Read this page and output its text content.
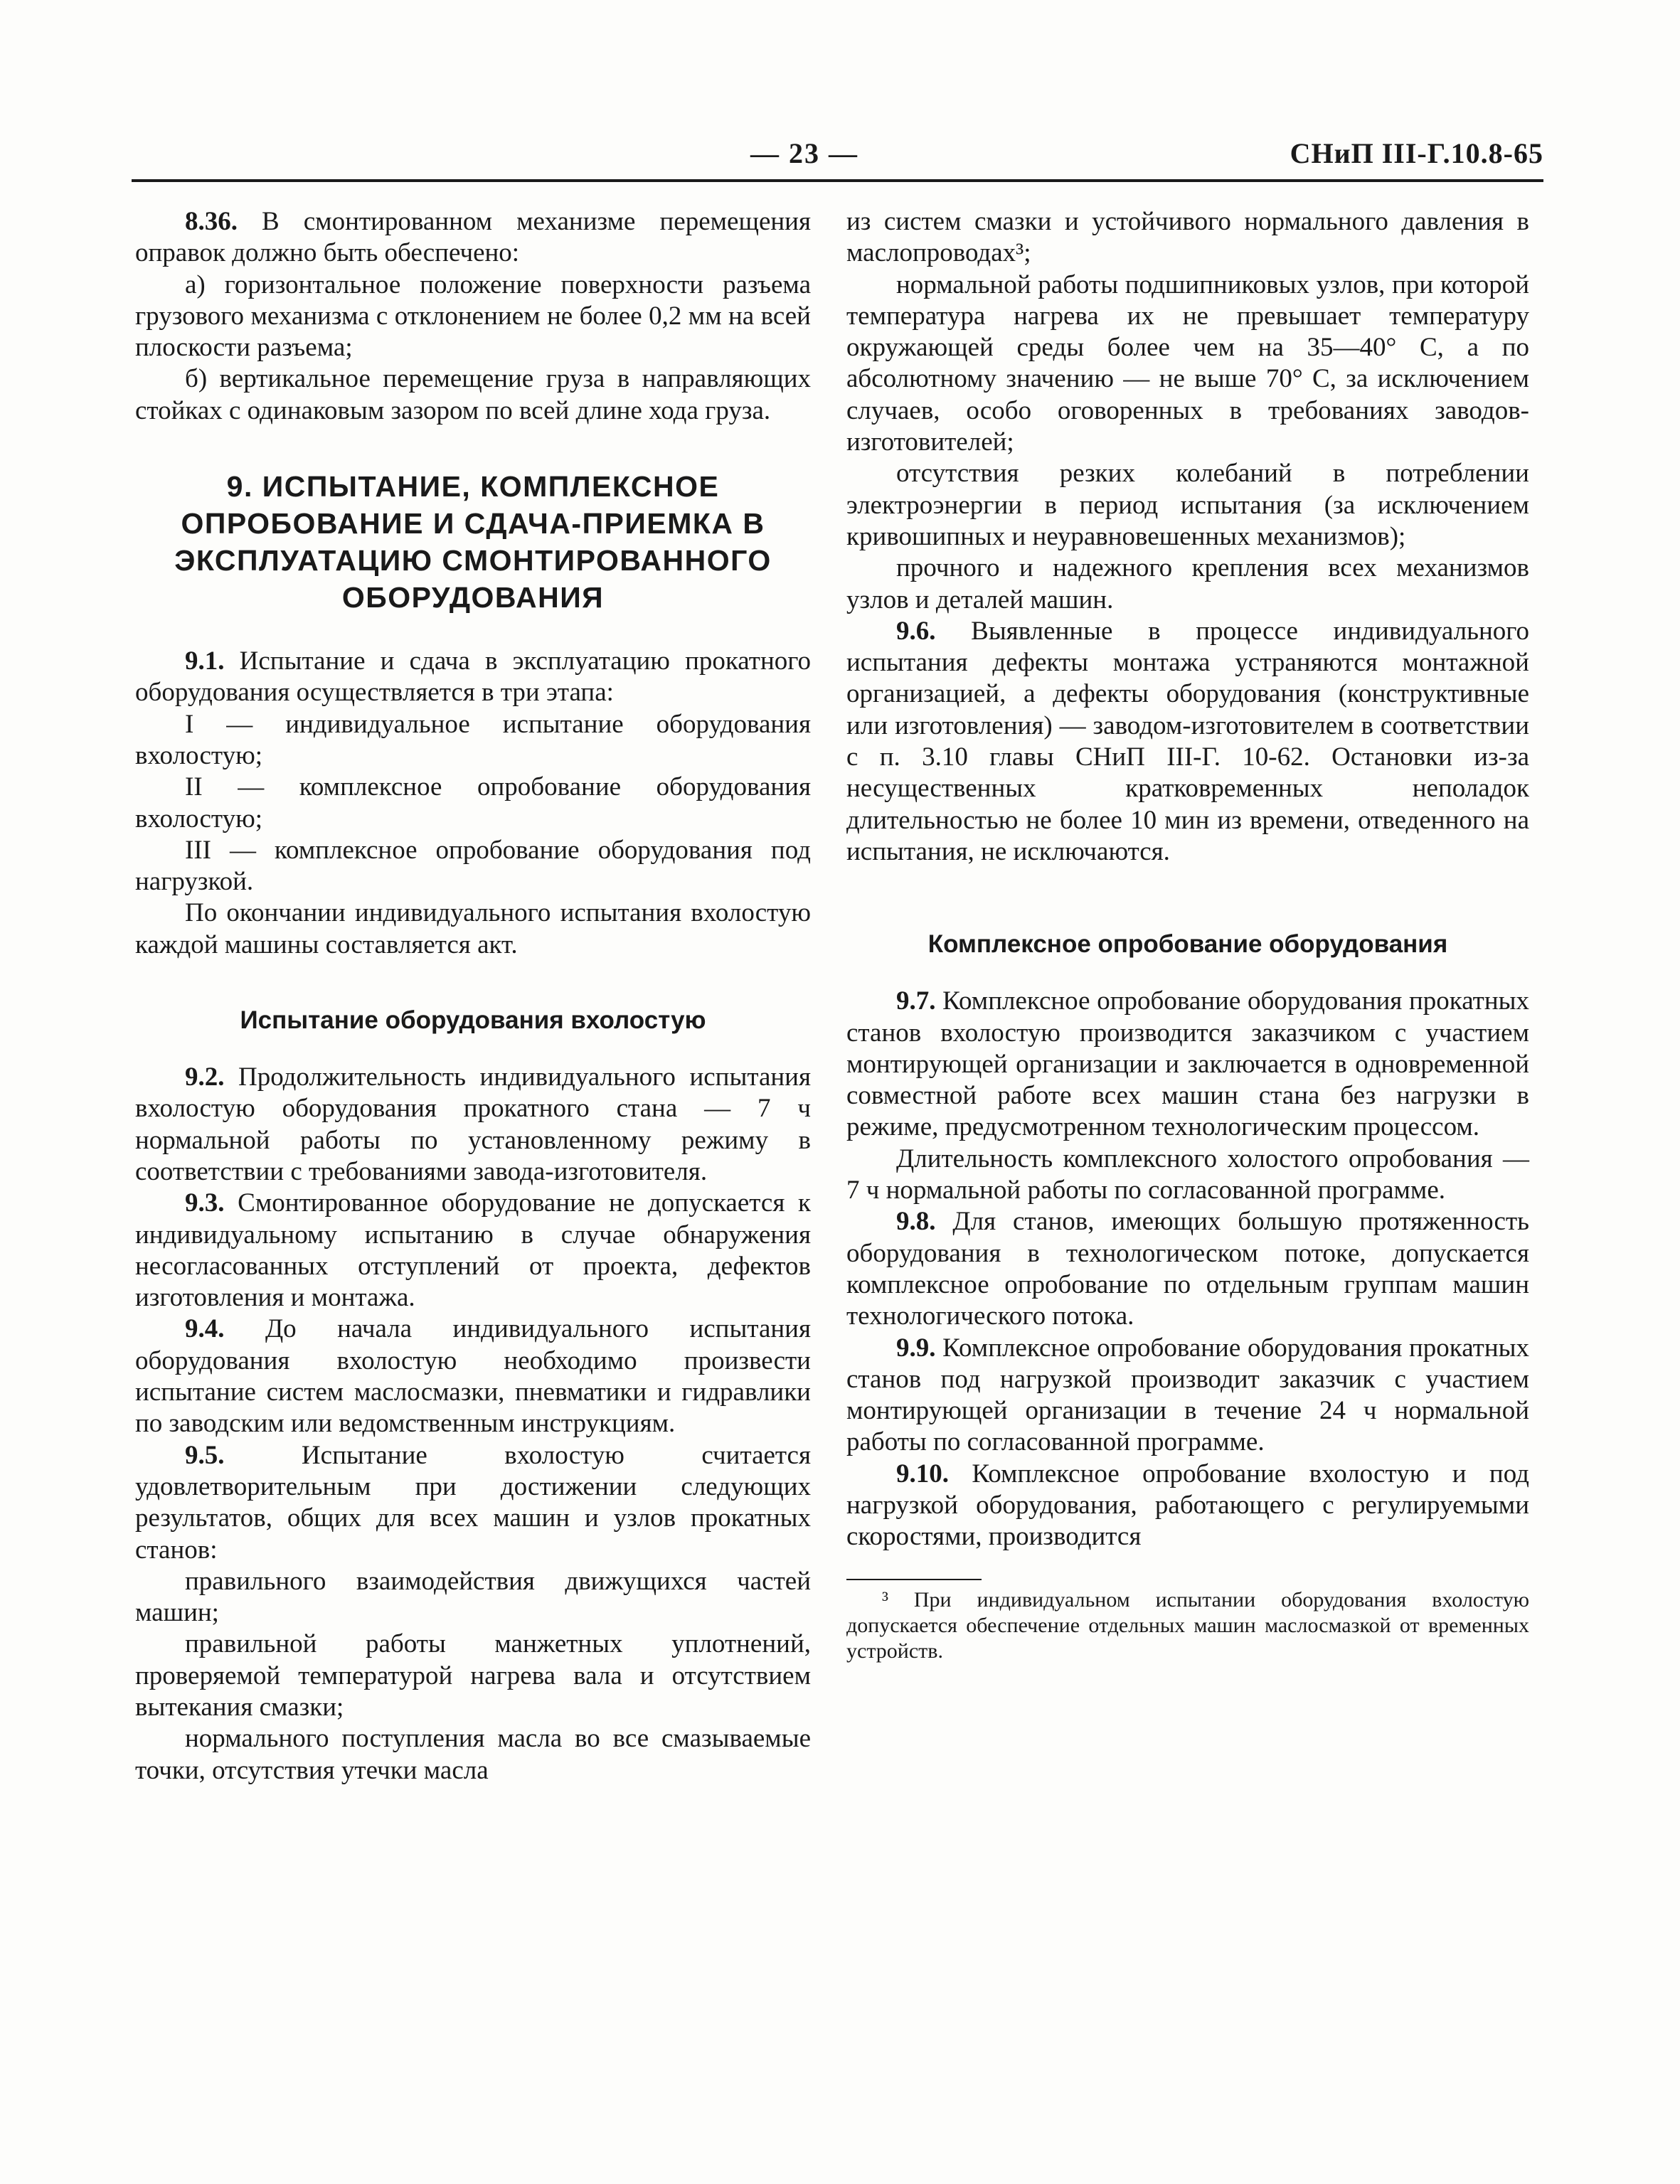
— 23 —	СНиП III-Г.10.8-65

8.36. В смонтированном механизме перемещения оправок должно быть обеспечено:

а) горизонтальное положение поверхности разъема грузового механизма с отклонением не более 0,2 мм на всей плоскости разъема;

б) вертикальное перемещение груза в направляющих стойках с одинаковым зазором по всей длине хода груза.

9. ИСПЫТАНИЕ, КОМПЛЕКСНОЕ ОПРОБОВАНИЕ И СДАЧА-ПРИЕМКА В ЭКСПЛУАТАЦИЮ СМОНТИРОВАННОГО ОБОРУДОВАНИЯ

9.1. Испытание и сдача в эксплуатацию прокатного оборудования осуществляется в три этапа:

I — индивидуальное испытание оборудования вхолостую;

II — комплексное опробование оборудования вхолостую;

III — комплексное опробование оборудования под нагрузкой.

По окончании индивидуального испытания вхолостую каждой машины составляется акт.

Испытание оборудования вхолостую

9.2. Продолжительность индивидуального испытания вхолостую оборудования прокатного стана — 7 ч нормальной работы по установленному режиму в соответствии с требованиями завода-изготовителя.

9.3. Смонтированное оборудование не допускается к индивидуальному испытанию в случае обнаружения несогласованных отступлений от проекта, дефектов изготовления и монтажа.

9.4. До начала индивидуального испытания оборудования вхолостую необходимо произвести испытание систем маслосмазки, пневматики и гидравлики по заводским или ведомственным инструкциям.

9.5. Испытание вхолостую считается удовлетворительным при достижении следующих результатов, общих для всех машин и узлов прокатных станов:

правильного взаимодействия движущихся частей машин;

правильной работы манжетных уплотнений, проверяемой температурой нагрева вала и отсутствием вытекания смазки;

нормального поступления масла во все смазываемые точки, отсутствия утечки масла

из систем смазки и устойчивого нормального давления в маслопроводах³;

нормальной работы подшипниковых узлов, при которой температура нагрева их не превышает температуру окружающей среды более чем на 35—40° С, а по абсолютному значению — не выше 70° С, за исключением случаев, особо оговоренных в требованиях заводов-изготовителей;

отсутствия резких колебаний в потреблении электроэнергии в период испытания (за исключением кривошипных и неуравновешенных механизмов);

прочного и надежного крепления всех механизмов узлов и деталей машин.

9.6. Выявленные в процессе индивидуального испытания дефекты монтажа устраняются монтажной организацией, а дефекты оборудования (конструктивные или изготовления) — заводом-изготовителем в соответствии с п. 3.10 главы СНиП III-Г. 10-62. Остановки из-за несущественных кратковременных неполадок длительностью не более 10 мин из времени, отведенного на испытания, не исключаются.

Комплексное опробование оборудования

9.7. Комплексное опробование оборудования прокатных станов вхолостую производится заказчиком с участием монтирующей организации и заключается в одновременной совместной работе всех машин стана без нагрузки в режиме, предусмотренном технологическим процессом.

Длительность комплексного холостого опробования — 7 ч нормальной работы по согласованной программе.

9.8. Для станов, имеющих большую протяженность оборудования в технологическом потоке, допускается комплексное опробование по отдельным группам машин технологического потока.

9.9. Комплексное опробование оборудования прокатных станов под нагрузкой производит заказчик с участием монтирующей организации в течение 24 ч нормальной работы по согласованной программе.

9.10. Комплексное опробование вхолостую и под нагрузкой оборудования, работающего с регулируемыми скоростями, производится

³ При индивидуальном испытании оборудования вхолостую допускается обеспечение отдельных машин маслосмазкой от временных устройств.
